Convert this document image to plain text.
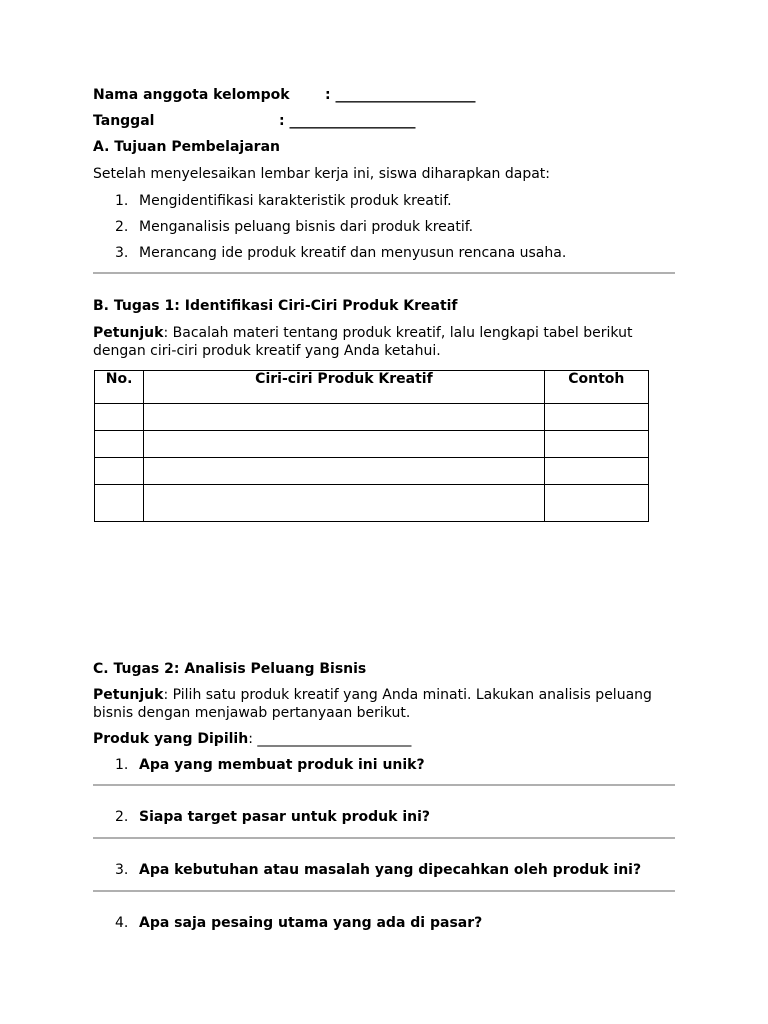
Nama anggota kelompok	: ____________________
Tanggal	: __________________
A. Tujuan Pembelajaran
Setelah menyelesaikan lembar kerja ini, siswa diharapkan dapat:
1. Mengidentifikasi karakteristik produk kreatif.
2. Menganalisis peluang bisnis dari produk kreatif.
3. Merancang ide produk kreatif dan menyusun rencana usaha.
B. Tugas 1: Identifikasi Ciri-Ciri Produk Kreatif
Petunjuk: Bacalah materi tentang produk kreatif, lalu lengkapi tabel berikut dengan ciri-ciri produk kreatif yang Anda ketahui.
No.	Ciri-ciri Produk Kreatif	Contoh

C. Tugas 2: Analisis Peluang Bisnis
Petunjuk: Pilih satu produk kreatif yang Anda minati. Lakukan analisis peluang bisnis dengan menjawab pertanyaan berikut.
Produk yang Dipilih: ______________________
1. Apa yang membuat produk ini unik?
2. Siapa target pasar untuk produk ini?
3. Apa kebutuhan atau masalah yang dipecahkan oleh produk ini?
4. Apa saja pesaing utama yang ada di pasar?
